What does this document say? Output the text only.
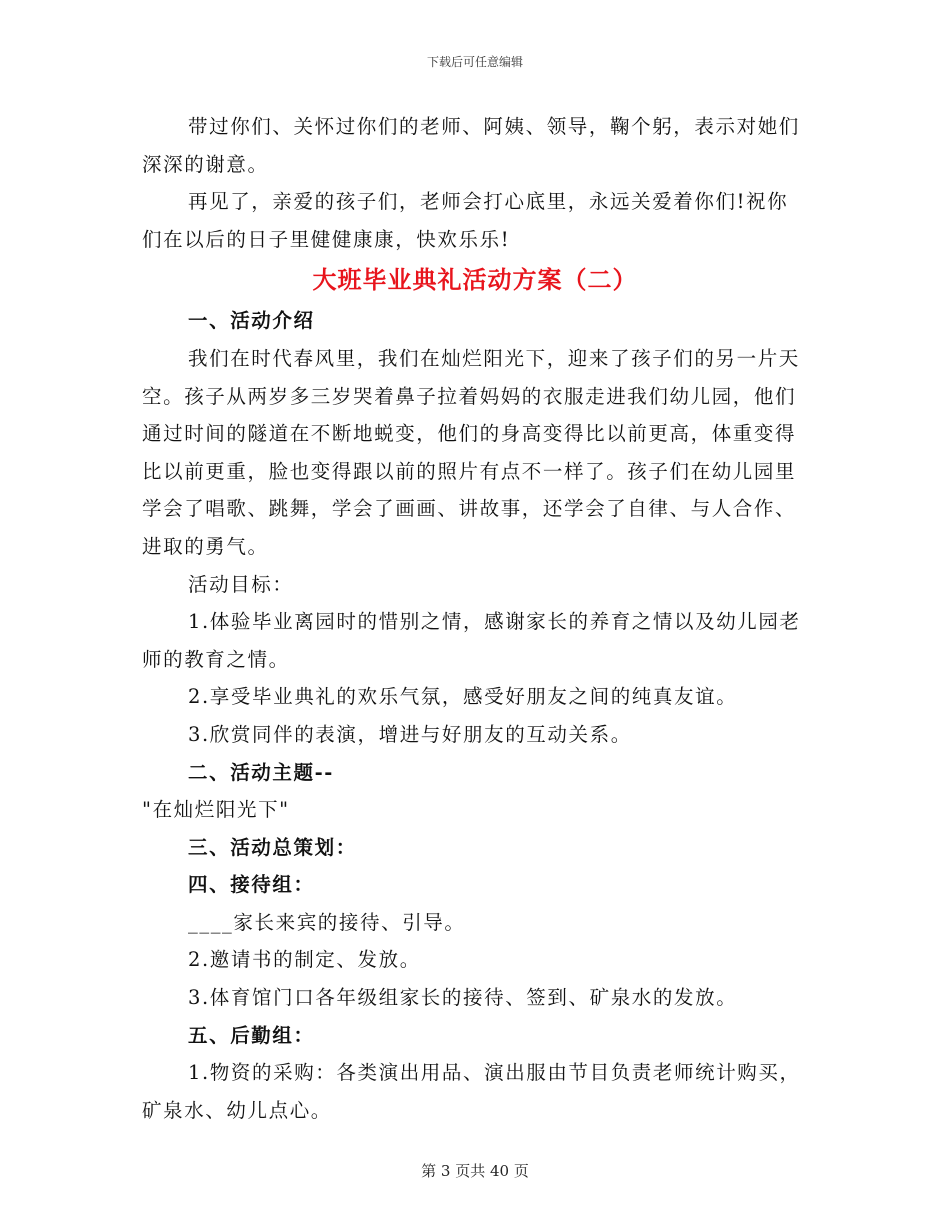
下载后可任意编辑

带过你们、关怀过你们的老师、阿姨、领导，鞠个躬，表示对她们深深的谢意。

再见了，亲爱的孩子们，老师会打心底里，永远关爱着你们!祝你们在以后的日子里健健康康，快欢乐乐!

大班毕业典礼活动方案（二）

一、活动介绍

我们在时代春风里，我们在灿烂阳光下，迎来了孩子们的另一片天空。孩子从两岁多三岁哭着鼻子拉着妈妈的衣服走进我们幼儿园，他们通过时间的隧道在不断地蜕变，他们的身高变得比以前更高，体重变得比以前更重，脸也变得跟以前的照片有点不一样了。孩子们在幼儿园里学会了唱歌、跳舞，学会了画画、讲故事，还学会了自律、与人合作、进取的勇气。

活动目标：

1.体验毕业离园时的惜别之情，感谢家长的养育之情以及幼儿园老师的教育之情。

2.享受毕业典礼的欢乐气氛，感受好朋友之间的纯真友谊。

3.欣赏同伴的表演，增进与好朋友的互动关系。

二、活动主题--

"在灿烂阳光下"

三、活动总策划：

四、接待组：

____家长来宾的接待、引导。

2.邀请书的制定、发放。

3.体育馆门口各年级组家长的接待、签到、矿泉水的发放。

五、后勤组：

1.物资的采购：各类演出用品、演出服由节目负责老师统计购买，矿泉水、幼儿点心。

第 3 页共 40 页
